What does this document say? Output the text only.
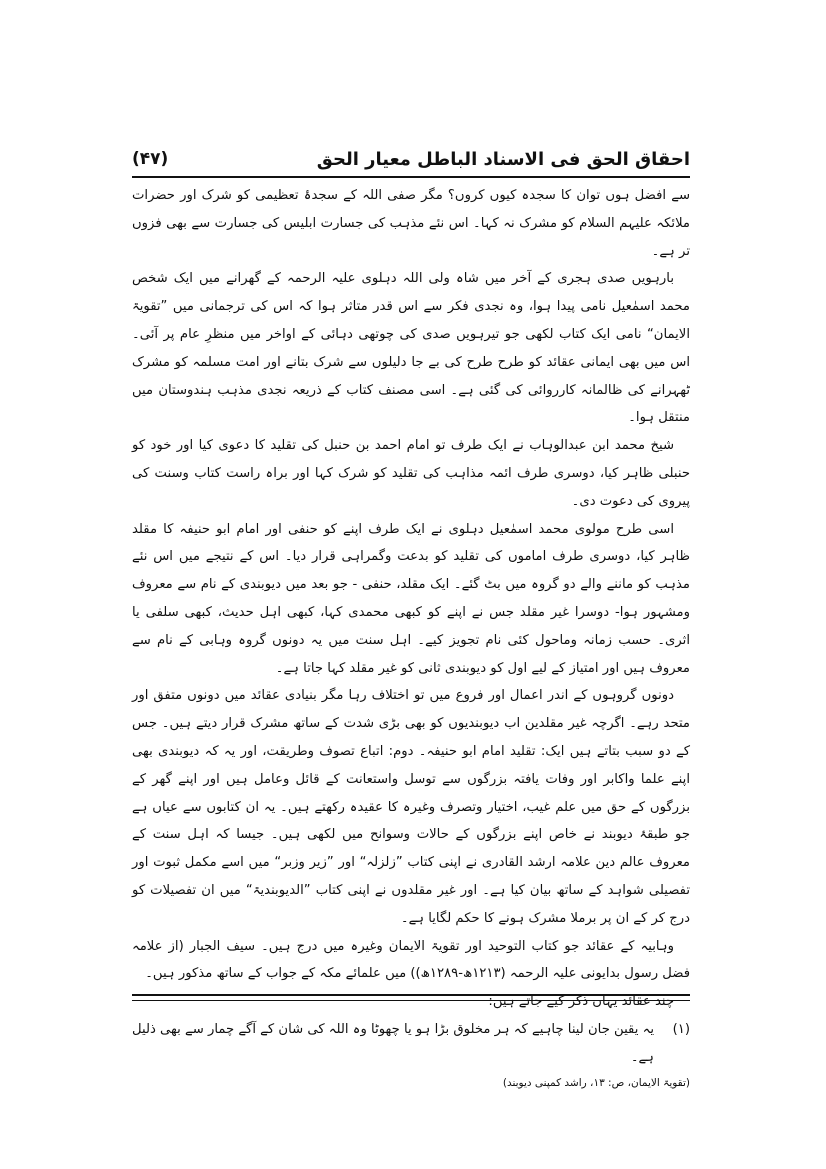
احقاق الحق فی الاسناد الباطل معیار الحق
(۴۷)

سے افضل ہوں توان کا سجدہ کیوں کروں؟ مگر صفی اللہ کے سجدۂ تعظیمی کو شرک اور حضرات ملائکہ علیہم السلام کو مشرک نہ کہا۔ اس نئے مذہب کی جسارت ابلیس کی جسارت سے بھی فزوں تر ہے۔

بارہویں صدی ہجری کے آخر میں شاہ ولی اللہ دہلوی علیہ الرحمہ کے گھرانے میں ایک شخص محمد اسمٰعیل نامی پیدا ہوا، وہ نجدی فکر سے اس قدر متاثر ہوا کہ اس کی ترجمانی میں ”تقویۃ الایمان“ نامی ایک کتاب لکھی جو تیرہویں صدی کی چوتھی دہائی کے اواخر میں منظرِ عام پر آئی۔ اس میں بھی ایمانی عقائد کو طرح طرح کی بے جا دلیلوں سے شرک بتانے اور امت مسلمہ کو مشرک ٹھہرانے کی ظالمانہ کارروائی کی گئی ہے۔ اسی مصنف کتاب کے ذریعہ نجدی مذہب ہندوستان میں منتقل ہوا۔

شیخ محمد ابن عبدالوہاب نے ایک طرف تو امام احمد بن حنبل کی تقلید کا دعوی کیا اور خود کو حنبلی ظاہر کیا، دوسری طرف ائمہ مذاہب کی تقلید کو شرک کہا اور براہ راست کتاب وسنت کی پیروی کی دعوت دی۔

اسی طرح مولوی محمد اسمٰعیل دہلوی نے ایک طرف اپنے کو حنفی اور امام ابو حنیفہ کا مقلد ظاہر کیا، دوسری طرف اماموں کی تقلید کو بدعت وگمراہی قرار دیا۔ اس کے نتیجے میں اس نئے مذہب کو ماننے والے دو گروہ میں بٹ گئے۔ ایک مقلد، حنفی - جو بعد میں دیوبندی کے نام سے معروف ومشہور ہوا- دوسرا غیر مقلد جس نے اپنے کو کبھی محمدی کہا، کبھی اہل حدیث، کبھی سلفی یا اثری۔ حسب زمانہ وماحول کئی نام تجویز کیے۔ اہل سنت میں یہ دونوں گروہ وہابی کے نام سے معروف ہیں اور امتیاز کے لیے اول کو دیوبندی ثانی کو غیر مقلد کہا جاتا ہے۔

دونوں گروہوں کے اندر اعمال اور فروع میں تو اختلاف رہا مگر بنیادی عقائد میں دونوں متفق اور متحد رہے۔ اگرچہ غیر مقلدین اب دیوبندیوں کو بھی بڑی شدت کے ساتھ مشرک قرار دیتے ہیں۔ جس کے دو سبب بتاتے ہیں ایک: تقلید امام ابو حنیفہ۔ دوم: اتباع تصوف وطریقت، اور یہ کہ دیوبندی بھی اپنے علما واکابر اور وفات یافتہ بزرگوں سے توسل واستعانت کے قائل وعامل ہیں اور اپنے گھر کے بزرگوں کے حق میں علم غیب، اختیار وتصرف وغیرہ کا عقیدہ رکھتے ہیں۔ یہ ان کتابوں سے عیاں ہے جو طبقۂ دیوبند نے خاص اپنے بزرگوں کے حالات وسوانح میں لکھی ہیں۔ جیسا کہ اہل سنت کے معروف عالم دین علامہ ارشد القادری نے اپنی کتاب ”زلزلہ“ اور ”زیر وزبر“ میں اسے مکمل ثبوت اور تفصیلی شواہد کے ساتھ بیان کیا ہے۔ اور غیر مقلدوں نے اپنی کتاب ”الدیوبندیۃ“ میں ان تفصیلات کو درج کر کے ان پر برملا مشرک ہونے کا حکم لگایا ہے۔

وہابیہ کے عقائد جو کتاب التوحید اور تقویۃ الایمان وغیرہ میں درج ہیں۔ سیف الجبار (از علامہ فضل رسول بدایونی علیہ الرحمہ (۱۲۱۳ھ-۱۲۸۹ھ)) میں علمائے مکہ کے جواب کے ساتھ مذکور ہیں۔

چند عقائد یہاں ذکر کیے جاتے ہیں:

(۱)
یہ یقین جان لینا چاہیے کہ ہر مخلوق بڑا ہو یا چھوٹا وہ اللہ کی شان کے آگے چمار سے بھی ذلیل ہے۔

(تقویۃ الایمان، ص: ۱۳، راشد کمپنی دیوبند)
